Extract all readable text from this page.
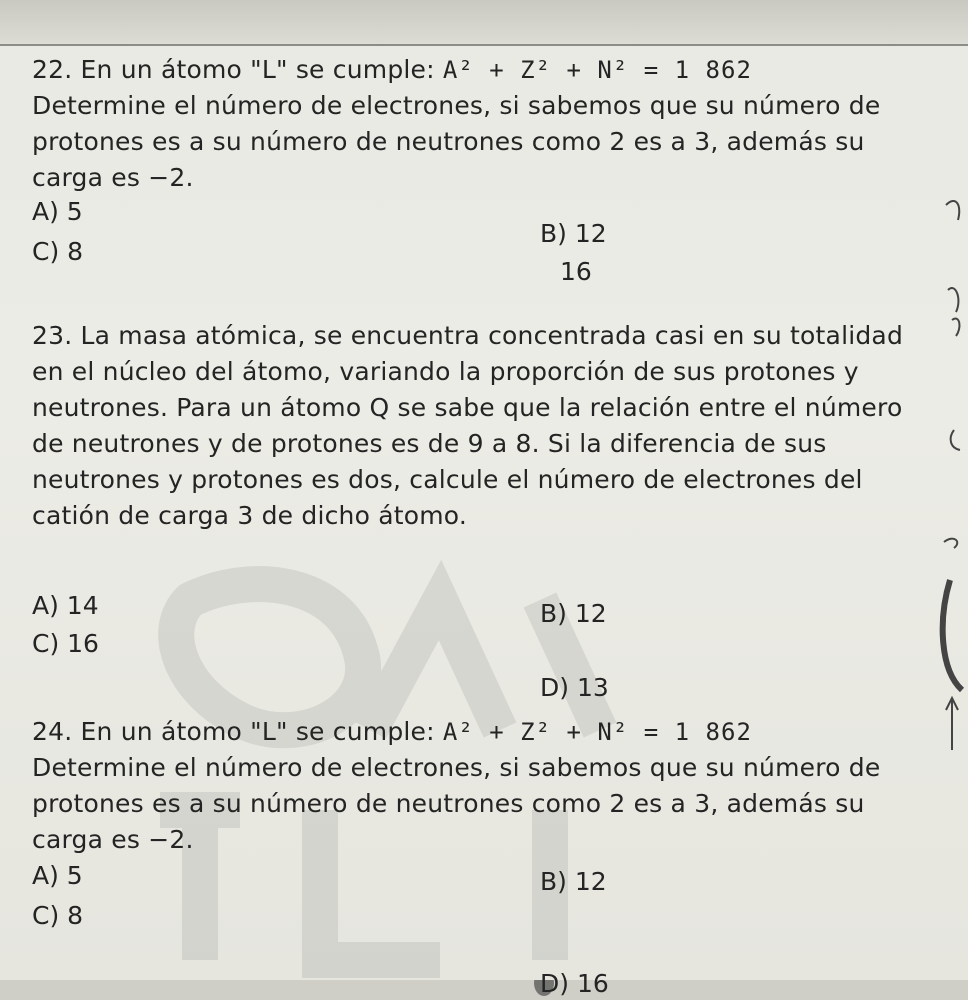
22. En un átomo "L" se cumple: A² + Z² + N² = 1 862
Determine el número de electrones, si sabemos que su número de protones es a su número de neutrones como 2 es a 3, además su carga es −2.
A) 5
B) 12
C) 8
16
23. La masa atómica, se encuentra concentrada casi en su totalidad en el núcleo del átomo, variando la proporción de sus protones y neutrones. Para un átomo Q se sabe que la relación entre el número de neutrones y de protones es de 9 a 8. Si la diferencia de sus neutrones y protones es dos, calcule el número de electrones del catión de carga 3 de dicho átomo.
A) 14	B) 12
C) 16
D) 13
24. En un átomo "L" se cumple: A² + Z² + N² = 1 862
Determine el número de electrones, si sabemos que su número de protones es a su número de neutrones como 2 es a 3, además su carga es −2.
A) 5	B) 12
C) 8
D) 16
